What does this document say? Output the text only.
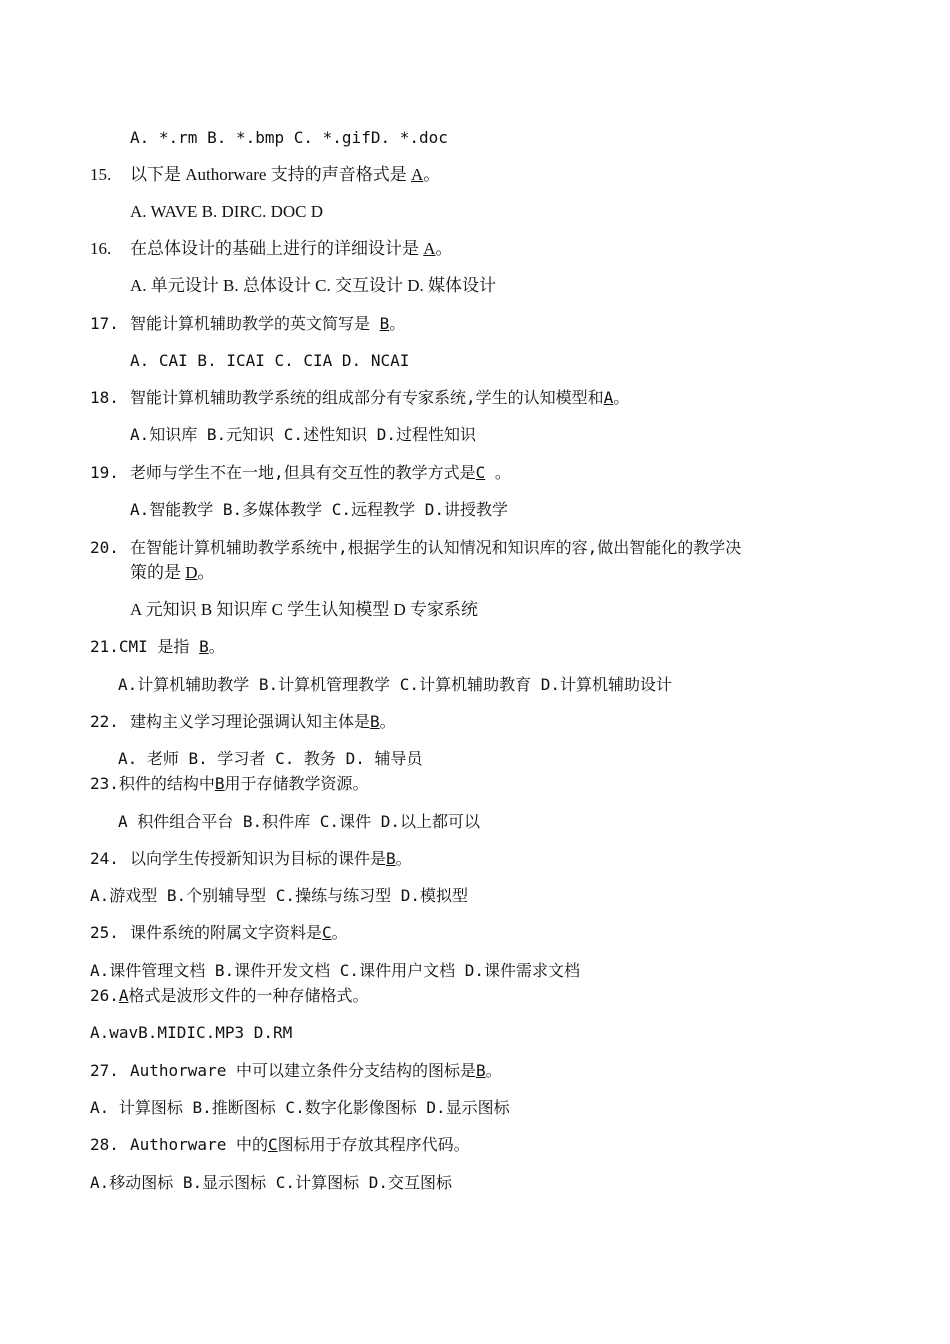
A. *.rm B. *.bmp C. *.gifD. *.doc
15. 以下是 Authorware 支持的声音格式是 A。
A. WAVE B. DIRC. DOC D
16. 在总体设计的基础上进行的详细设计是 A。
A. 单元设计 B. 总体设计 C. 交互设计 D. 媒体设计
17. 智能计算机辅助教学的英文简写是 B。
A. CAI B. ICAI C. CIA D. NCAI
18. 智能计算机辅助教学系统的组成部分有专家系统,学生的认知模型和A。
A.知识库 B.元知识 C.述性知识 D.过程性知识
19. 老师与学生不在一地,但具有交互性的教学方式是C 。
A.智能教学 B.多媒体教学 C.远程教学 D.讲授教学
20. 在智能计算机辅助教学系统中,根据学生的认知情况和知识库的容,做出智能化的教学决
策的是 D。
A 元知识 B 知识库 C 学生认知模型 D 专家系统
21.CMI 是指 B。
A.计算机辅助教学 B.计算机管理教学 C.计算机辅助教育 D.计算机辅助设计
22. 建构主义学习理论强调认知主体是B。
A. 老师 B. 学习者 C. 教务 D. 辅导员
23.积件的结构中B用于存储教学资源。
A 积件组合平台 B.积件库 C.课件 D.以上都可以
24. 以向学生传授新知识为目标的课件是B。
A.游戏型 B.个别辅导型 C.操练与练习型 D.模拟型
25. 课件系统的附属文字资料是C。
A.课件管理文档 B.课件开发文档 C.课件用户文档 D.课件需求文档
26.A格式是波形文件的一种存储格式。
A.wavB.MIDIC.MP3 D.RM
27. Authorware 中可以建立条件分支结构的图标是B。
A. 计算图标 B.推断图标 C.数字化影像图标 D.显示图标
28. Authorware 中的C图标用于存放其程序代码。
A.移动图标 B.显示图标 C.计算图标 D.交互图标
